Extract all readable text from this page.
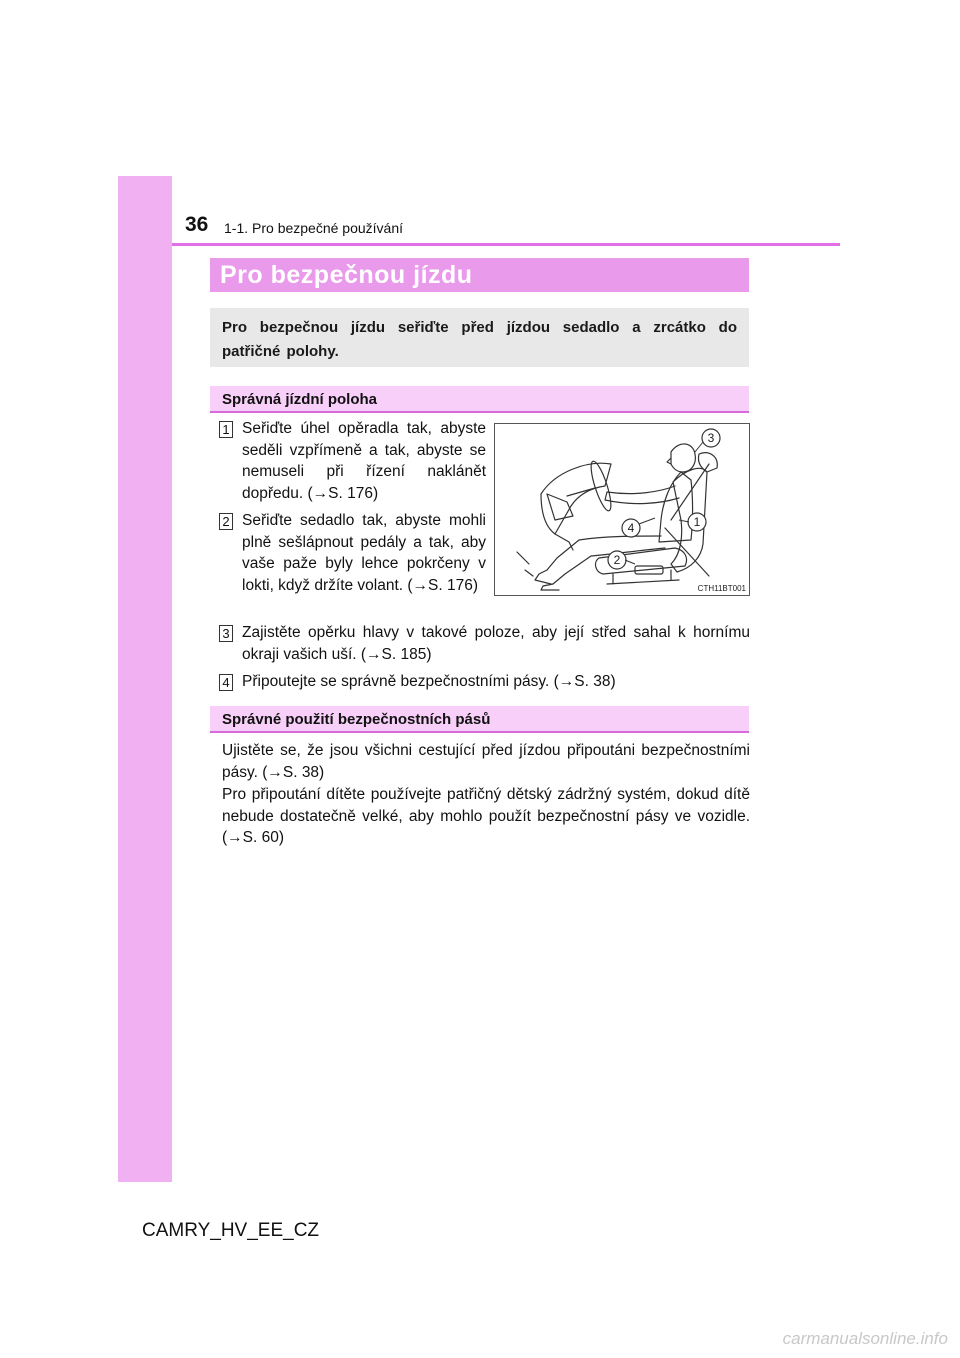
36 1-1. Pro bezpečné používání
Pro bezpečnou jízdu
Pro bezpečnou jízdu seřiďte před jízdou sedadlo a zrcátko do patřičné polohy.
Správná jízdní poloha
1 Seřiďte úhel opěradla tak, abyste seděli vzpřímeně a tak, abyste se nemuseli při řízení naklánět dopředu. (→S. 176)
2 Seřiďte sedadlo tak, abyste mohli plně sešlápnout pedály a tak, aby vaše paže byly lehce pokrčeny v lokti, když držíte volant. (→S. 176)
3
4	1
2
CTH11BT001
3 Zajistěte opěrku hlavy v takové poloze, aby její střed sahal k hornímu okraji vašich uší. (→S. 185)
4 Připoutejte se správně bezpečnostními pásy. (→S. 38)
Správné použití bezpečnostních pásů
Ujistěte se, že jsou všichni cestující před jízdou připoutáni bezpečnostními pásy. (→S. 38)
Pro připoutání dítěte používejte patřičný dětský zádržný systém, dokud dítě nebude dostatečně velké, aby mohlo použít bezpečnostní pásy ve vozidle. (→S. 60)
CAMRY_HV_EE_CZ
carmanualsonline.info
